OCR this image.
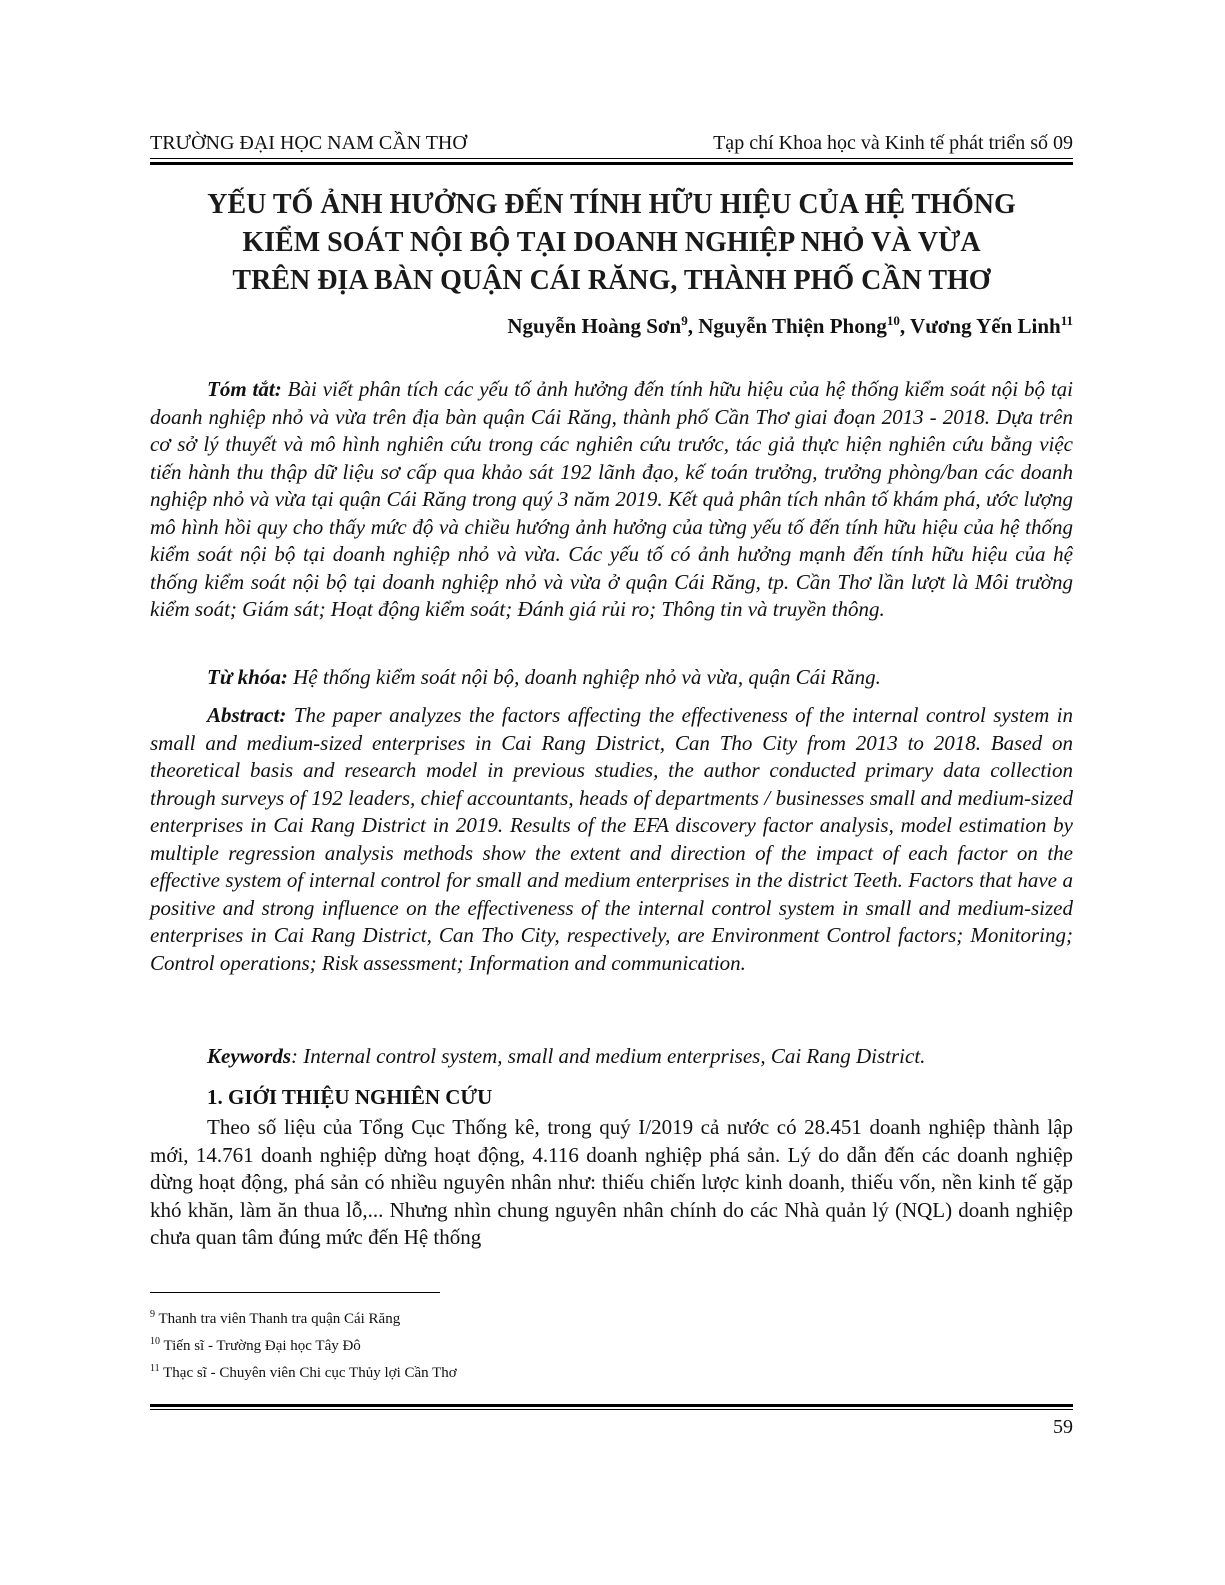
TRƯỜNG ĐẠI HỌC NAM CẦN THƠ	Tạp chí Khoa học và Kinh tế phát triển số 09
YẾU TỐ ẢNH HƯỞNG ĐẾN TÍNH HỮU HIỆU CỦA HỆ THỐNG
KIỂM SOÁT NỘI BỘ TẠI DOANH NGHIỆP NHỎ VÀ VỪA
TRÊN ĐỊA BÀN QUẬN CÁI RĂNG, THÀNH PHỐ CẦN THƠ
Nguyễn Hoàng Sơn$^9$, Nguyễn Thiện Phong$^{10}$, Vương Yến Linh$^{11}$
Tóm tắt: Bài viết phân tích các yếu tố ảnh hưởng đến tính hữu hiệu của hệ thống kiểm soát nội bộ tại doanh nghiệp nhỏ và vừa trên địa bàn quận Cái Răng, thành phố Cần Thơ giai đoạn 2013 - 2018. Dựa trên cơ sở lý thuyết và mô hình nghiên cứu trong các nghiên cứu trước, tác giả thực hiện nghiên cứu bằng việc tiến hành thu thập dữ liệu sơ cấp qua khảo sát 192 lãnh đạo, kế toán trưởng, trưởng phòng/ban các doanh nghiệp nhỏ và vừa tại quận Cái Răng trong quý 3 năm 2019. Kết quả phân tích nhân tố khám phá, ước lượng mô hình hồi quy cho thấy mức độ và chiều hướng ảnh hưởng của từng yếu tố đến tính hữu hiệu của hệ thống kiểm soát nội bộ tại doanh nghiệp nhỏ và vừa. Các yếu tố có ảnh hưởng mạnh đến tính hữu hiệu của hệ thống kiểm soát nội bộ tại doanh nghiệp nhỏ và vừa ở quận Cái Răng, tp. Cần Thơ lần lượt là Môi trường kiểm soát; Giám sát; Hoạt động kiểm soát; Đánh giá rủi ro; Thông tin và truyền thông.
Từ khóa: Hệ thống kiểm soát nội bộ, doanh nghiệp nhỏ và vừa, quận Cái Răng.
Abstract: The paper analyzes the factors affecting the effectiveness of the internal control system in small and medium-sized enterprises in Cai Rang District, Can Tho City from 2013 to 2018. Based on theoretical basis and research model in previous studies, the author conducted primary data collection through surveys of 192 leaders, chief accountants, heads of departments / businesses small and medium-sized enterprises in Cai Rang District in 2019. Results of the EFA discovery factor analysis, model estimation by multiple regression analysis methods show the extent and direction of the impact of each factor on the effective system of internal control for small and medium enterprises in the district Teeth. Factors that have a positive and strong influence on the effectiveness of the internal control system in small and medium-sized enterprises in Cai Rang District, Can Tho City, respectively, are Environment Control factors; Monitoring; Control operations; Risk assessment; Information and communication.
Keywords: Internal control system, small and medium enterprises, Cai Rang District.
1. GIỚI THIỆU NGHIÊN CỨU
Theo số liệu của Tổng Cục Thống kê, trong quý I/2019 cả nước có 28.451 doanh nghiệp thành lập mới, 14.761 doanh nghiệp dừng hoạt động, 4.116 doanh nghiệp phá sản. Lý do dẫn đến các doanh nghiệp dừng hoạt động, phá sản có nhiều nguyên nhân như: thiếu chiến lược kinh doanh, thiếu vốn, nền kinh tế gặp khó khăn, làm ăn thua lỗ,... Nhưng nhìn chung nguyên nhân chính do các Nhà quản lý (NQL) doanh nghiệp chưa quan tâm đúng mức đến Hệ thống
$^9$ Thanh tra viên Thanh tra quận Cái Răng
$^{10}$ Tiến sĩ - Trường Đại học Tây Đô
$^{11}$ Thạc sĩ - Chuyên viên Chi cục Thủy lợi Cần Thơ
59
